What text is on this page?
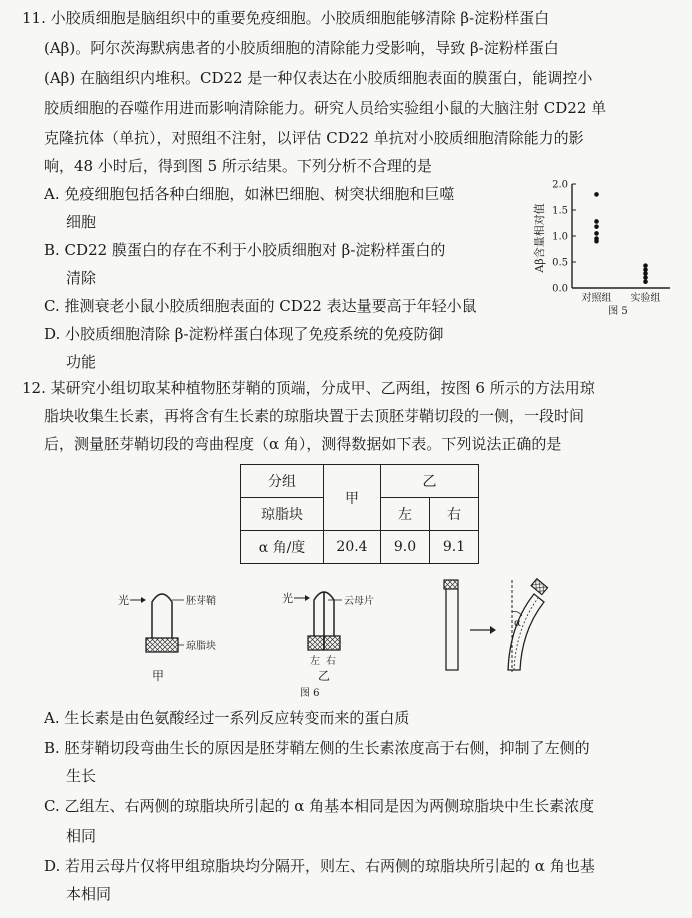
11. 小胶质细胞是脑组织中的重要免疫细胞。小胶质细胞能够清除 β-淀粉样蛋白
(Aβ)。阿尔茨海默病患者的小胶质细胞的清除能力受影响，导致 β-淀粉样蛋白
(Aβ) 在脑组织内堆积。CD22 是一种仅表达在小胶质细胞表面的膜蛋白，能调控小
胶质细胞的吞噬作用进而影响清除能力。研究人员给实验组小鼠的大脑注射 CD22 单
克隆抗体（单抗），对照组不注射，以评估 CD22 单抗对小胶质细胞清除能力的影
响，48 小时后，得到图 5 所示结果。下列分析不合理的是
A. 免疫细胞包括各种白细胞，如淋巴细胞、树突状细胞和巨噬
细胞
B. CD22 膜蛋白的存在不利于小胶质细胞对 β-淀粉样蛋白的
清除
C. 推测衰老小鼠小胶质细胞表面的 CD22 表达量要高于年轻小鼠
D. 小胶质细胞清除 β-淀粉样蛋白体现了免疫系统的免疫防御
功能
2.0
1.5
1.0
0.5
0.0
对照组 实验组
Aβ含量相对值
图 5
12. 某研究小组切取某种植物胚芽鞘的顶端，分成甲、乙两组，按图 6 所示的方法用琼
脂块收集生长素，再将含有生长素的琼脂块置于去顶胚芽鞘切段的一侧，一段时间
后，测量胚芽鞘切段的弯曲程度（α 角），测得数据如下表。下列说法正确的是
分组	甲	乙	
琼脂块		左	右
α 角/度	20.4	9.0	9.1
光	胚芽鞘
琼脂块
甲
光	云母片
左 右
乙
α
图 6
A. 生长素是由色氨酸经过一系列反应转变而来的蛋白质
B. 胚芽鞘切段弯曲生长的原因是胚芽鞘左侧的生长素浓度高于右侧，抑制了左侧的
生长
C. 乙组左、右两侧的琼脂块所引起的 α 角基本相同是因为两侧琼脂块中生长素浓度
相同
D. 若用云母片仅将甲组琼脂块均分隔开，则左、右两侧的琼脂块所引起的 α 角也基
本相同
